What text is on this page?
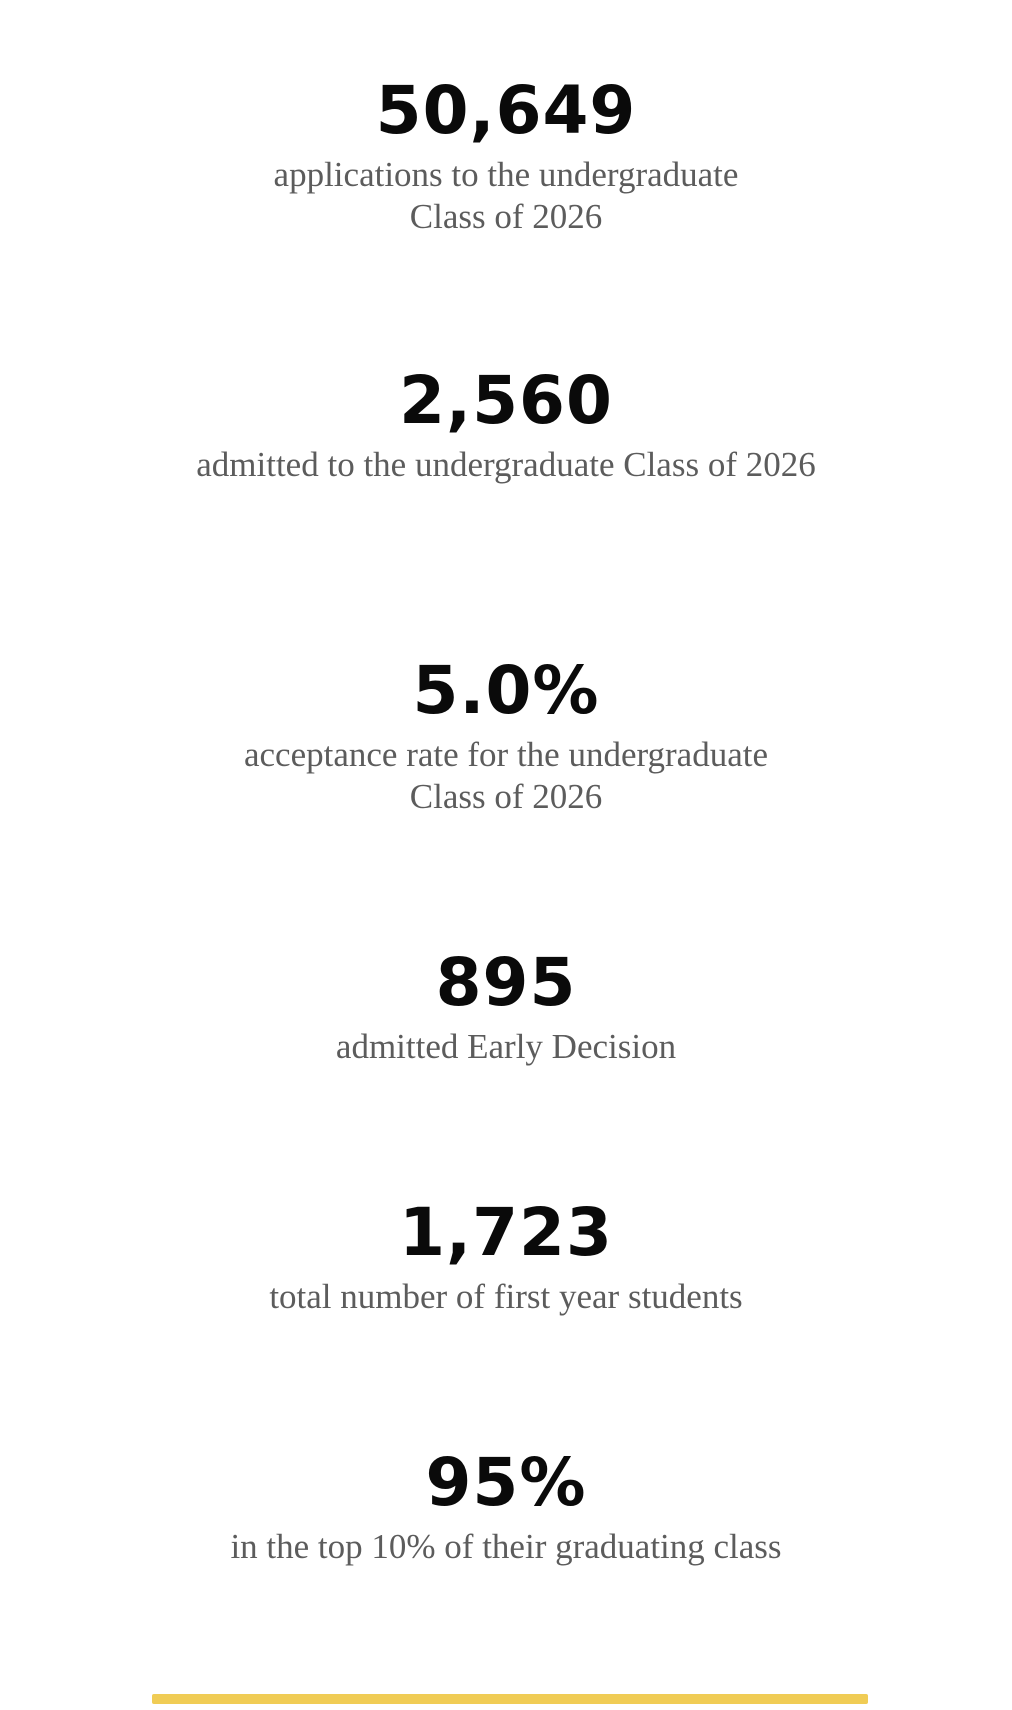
50,649
applications to the undergraduate Class of 2026
2,560
admitted to the undergraduate Class of 2026
5.0%
acceptance rate for the undergraduate Class of 2026
895
admitted Early Decision
1,723
total number of first year students
95%
in the top 10% of their graduating class
